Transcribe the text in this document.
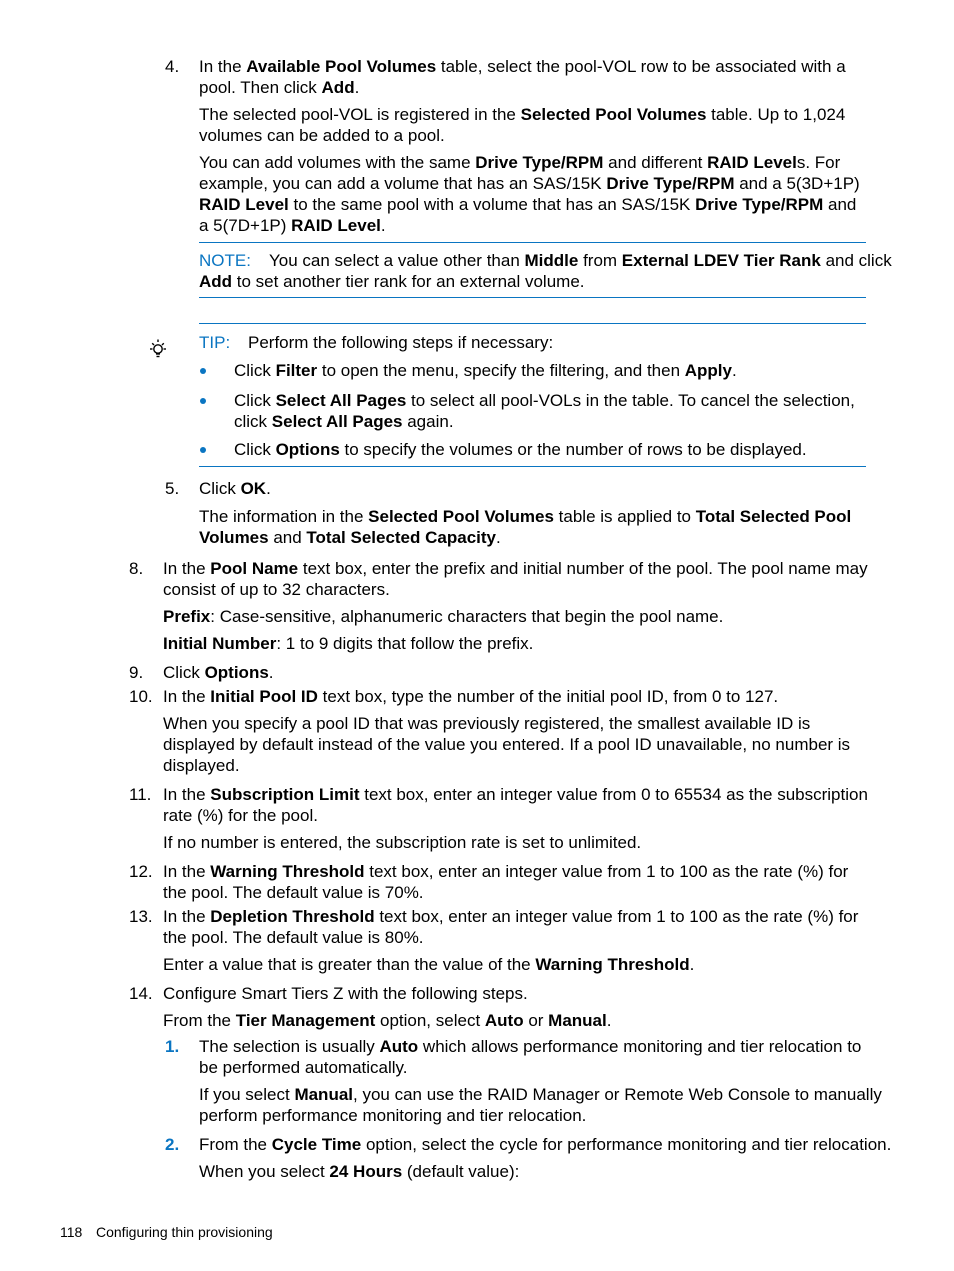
4. In the Available Pool Volumes table, select the pool-VOL row to be associated with a
pool. Then click Add.
The selected pool-VOL is registered in the Selected Pool Volumes table. Up to 1,024
volumes can be added to a pool.
You can add volumes with the same Drive Type/RPM and different RAID Levels. For
example, you can add a volume that has an SAS/15K Drive Type/RPM and a 5(3D+1P)
RAID Level to the same pool with a volume that has an SAS/15K Drive Type/RPM and
a 5(7D+1P) RAID Level.
NOTE: You can select a value other than Middle from External LDEV Tier Rank and click
Add to set another tier rank for an external volume.
TIP: Perform the following steps if necessary:
Click Filter to open the menu, specify the filtering, and then Apply.
Click Select All Pages to select all pool-VOLs in the table. To cancel the selection,
click Select All Pages again.
Click Options to specify the volumes or the number of rows to be displayed.
5. Click OK.
The information in the Selected Pool Volumes table is applied to Total Selected Pool
Volumes and Total Selected Capacity.
8. In the Pool Name text box, enter the prefix and initial number of the pool. The pool name may
consist of up to 32 characters.
Prefix: Case-sensitive, alphanumeric characters that begin the pool name.
Initial Number: 1 to 9 digits that follow the prefix.
9. Click Options.
10. In the Initial Pool ID text box, type the number of the initial pool ID, from 0 to 127.
When you specify a pool ID that was previously registered, the smallest available ID is
displayed by default instead of the value you entered. If a pool ID unavailable, no number is
displayed.
11. In the Subscription Limit text box, enter an integer value from 0 to 65534 as the subscription
rate (%) for the pool.
If no number is entered, the subscription rate is set to unlimited.
12. In the Warning Threshold text box, enter an integer value from 1 to 100 as the rate (%) for
the pool. The default value is 70%.
13. In the Depletion Threshold text box, enter an integer value from 1 to 100 as the rate (%) for
the pool. The default value is 80%.
Enter a value that is greater than the value of the Warning Threshold.
14. Configure Smart Tiers Z with the following steps.
From the Tier Management option, select Auto or Manual.
1. The selection is usually Auto which allows performance monitoring and tier relocation to
be performed automatically.
If you select Manual, you can use the RAID Manager or Remote Web Console to manually
perform performance monitoring and tier relocation.
2. From the Cycle Time option, select the cycle for performance monitoring and tier relocation.
When you select 24 Hours (default value):
118 Configuring thin provisioning
